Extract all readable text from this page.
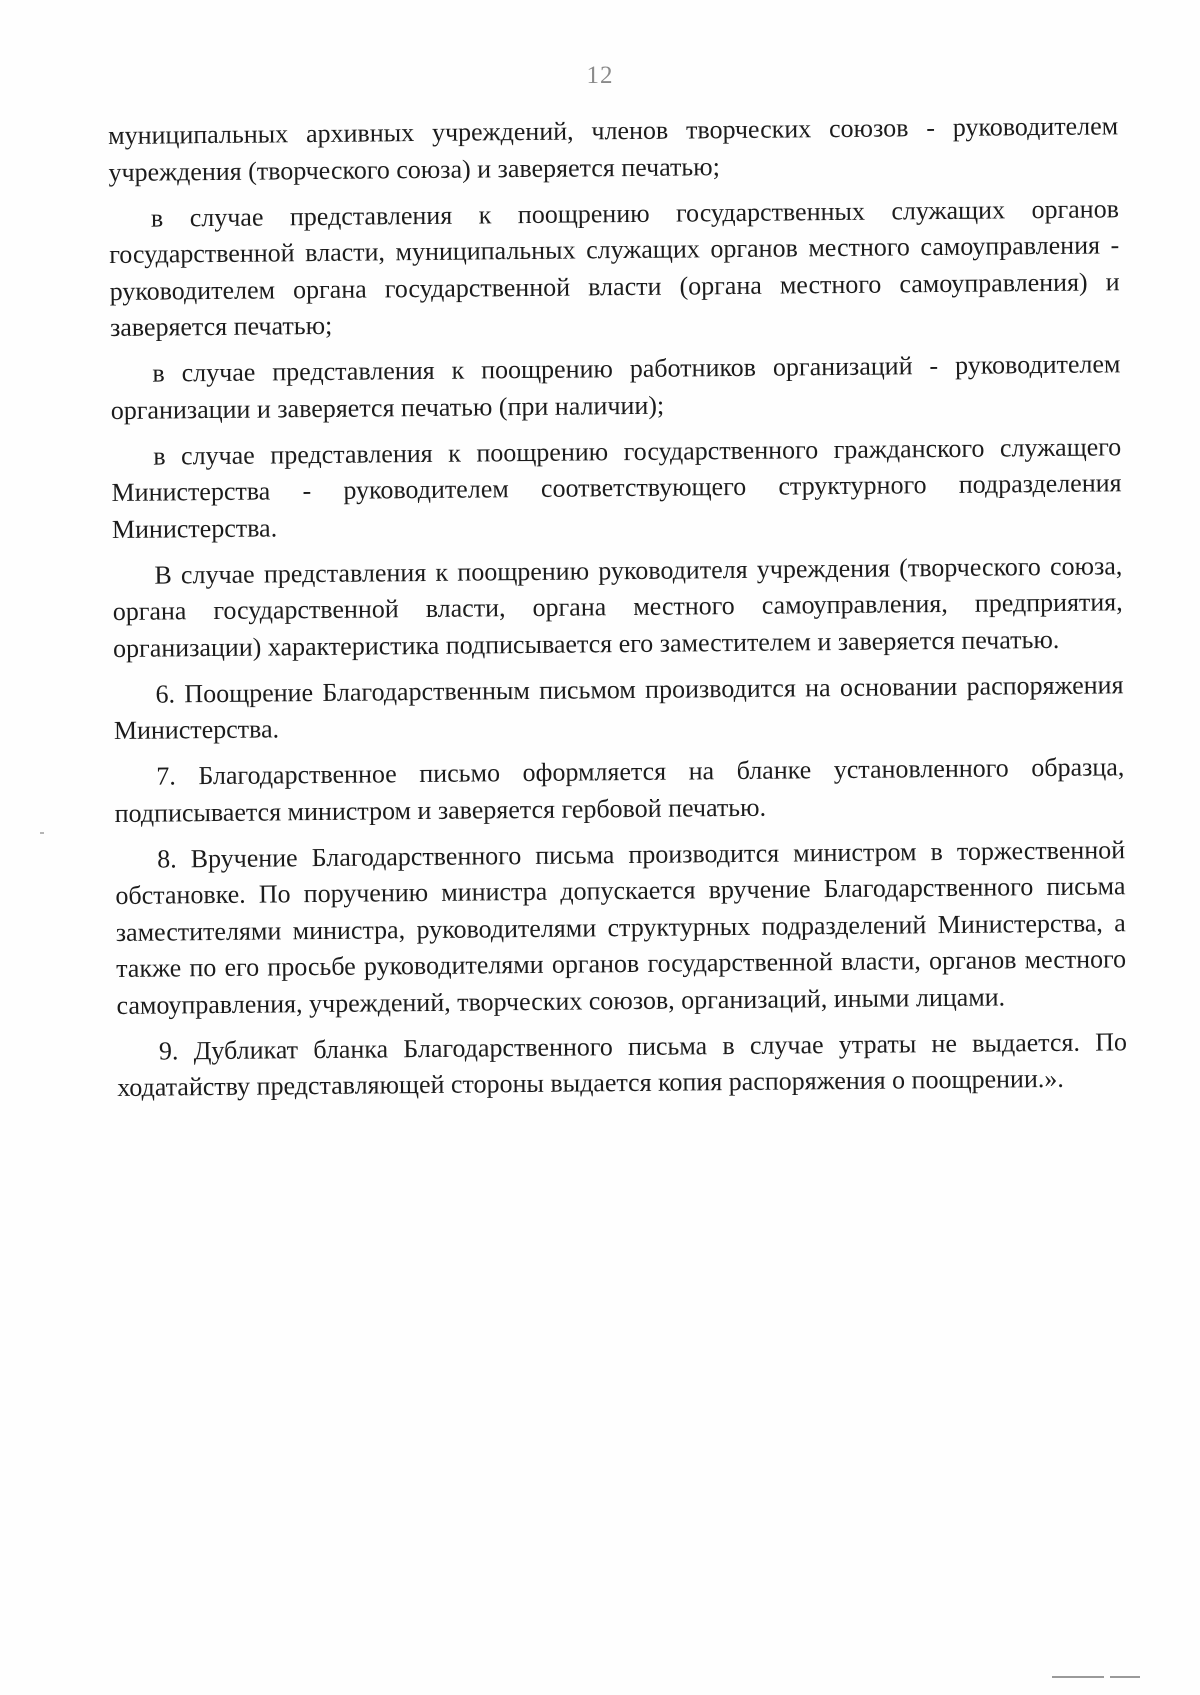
12

муниципальных архивных учреждений, членов творческих союзов - руководителем учреждения (творческого союза) и заверяется печатью;

в случае представления к поощрению государственных служащих органов государственной власти, муниципальных служащих органов местного самоуправления - руководителем органа государственной власти (органа местного самоуправления) и заверяется печатью;

в случае представления к поощрению работников организаций - руководителем организации и заверяется печатью (при наличии);

в случае представления к поощрению государственного гражданского служащего Министерства - руководителем соответствующего структурного подразделения Министерства.

В случае представления к поощрению руководителя учреждения (творческого союза, органа государственной власти, органа местного самоуправления, предприятия, организации) характеристика подписывается его заместителем и заверяется печатью.

6. Поощрение Благодарственным письмом производится на основании распоряжения Министерства.

7. Благодарственное письмо оформляется на бланке установленного образца, подписывается министром и заверяется гербовой печатью.

8. Вручение Благодарственного письма производится министром в торжественной обстановке. По поручению министра допускается вручение Благодарственного письма заместителями министра, руководителями структурных подразделений Министерства, а также по его просьбе руководителями органов государственной власти, органов местного самоуправления, учреждений, творческих союзов, организаций, иными лицами.

9. Дубликат бланка Благодарственного письма в случае утраты не выдается. По ходатайству представляющей стороны выдается копия распоряжения о поощрении.».
